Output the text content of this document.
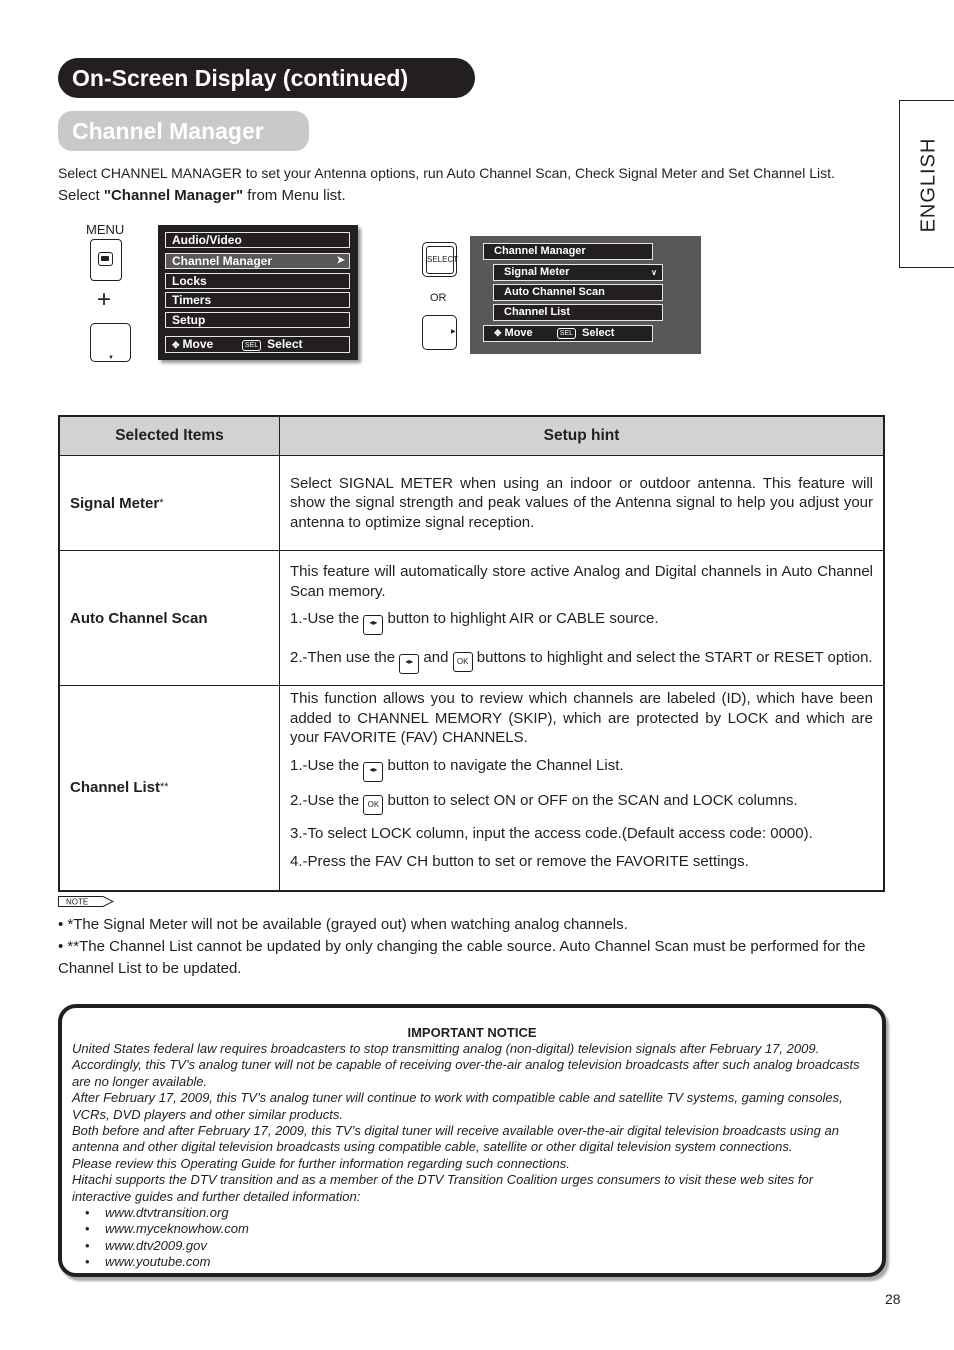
On-Screen Display (continued)
Channel Manager
ENGLISH
Select CHANNEL MANAGER to set your Antenna options, run Auto Channel Scan, Check Signal Meter and Set Channel List.
Select "Channel Manager" from Menu list.
MENU
+
▼
Audio/Video
Channel Manager	➤
Locks
Timers
Setup
✥ Move	SEL Select
SELECT
OR
▶
Channel Manager
Signal Meter	∨
Auto Channel Scan
Channel List
✥ Move	SEL Select
Selected Items	Setup hint
Signal Meter*	Select SIGNAL METER when using an indoor or outdoor antenna. This feature will show the signal strength and peak values of the Antenna signal to help you adjust your antenna to optimize signal reception.

Auto Channel Scan	This feature will automatically store active Analog and Digital channels in Auto Channel Scan memory.

1.-Use the ◂▸ button to highlight AIR or CABLE source.

2.-Then use the ◂▸ and OK buttons to highlight and select the START or RESET option.

Channel List**	This function allows you to review which channels are labeled (ID), which have been added to CHANNEL MEMORY (SKIP), which are protected by LOCK and which are your FAVORITE (FAV) CHANNELS.

1.-Use the ◂▸ button to navigate the Channel List.

2.-Use the OK button to select ON or OFF on the SCAN and LOCK columns.

3.-To select LOCK column, input the access code.(Default access code: 0000).

4.-Press the FAV CH button to set or remove the FAVORITE settings.

NOTE

• *The Signal Meter will not be available (grayed out) when watching analog channels.

• **The Channel List cannot be updated by only changing the cable source. Auto Channel Scan must be performed for the Channel List to be updated.

IMPORTANT NOTICE

United States federal law requires broadcasters to stop transmitting analog (non-digital) television signals after February 17, 2009. Accordingly, this TV’s analog tuner will not be capable of receiving over-the-air analog television broadcasts after such analog broadcasts are no longer available.

After February 17, 2009, this TV’s analog tuner will continue to work with compatible cable and satellite TV systems, gaming consoles, VCRs, DVD players and other similar products.

Both before and after February 17, 2009, this TV’s digital tuner will receive available over-the-air digital television broadcasts using an antenna and other digital television broadcasts using compatible cable, satellite or other digital television system connections.

Please review this Operating Guide for further information regarding such connections.

Hitachi supports the DTV transition and as a member of the DTV Transition Coalition urges consumers to visit these web sites for interactive guides and further detailed information:

• www.dtvtransition.org
• www.myceknowhow.com
• www.dtv2009.gov
• www.youtube.com
28
